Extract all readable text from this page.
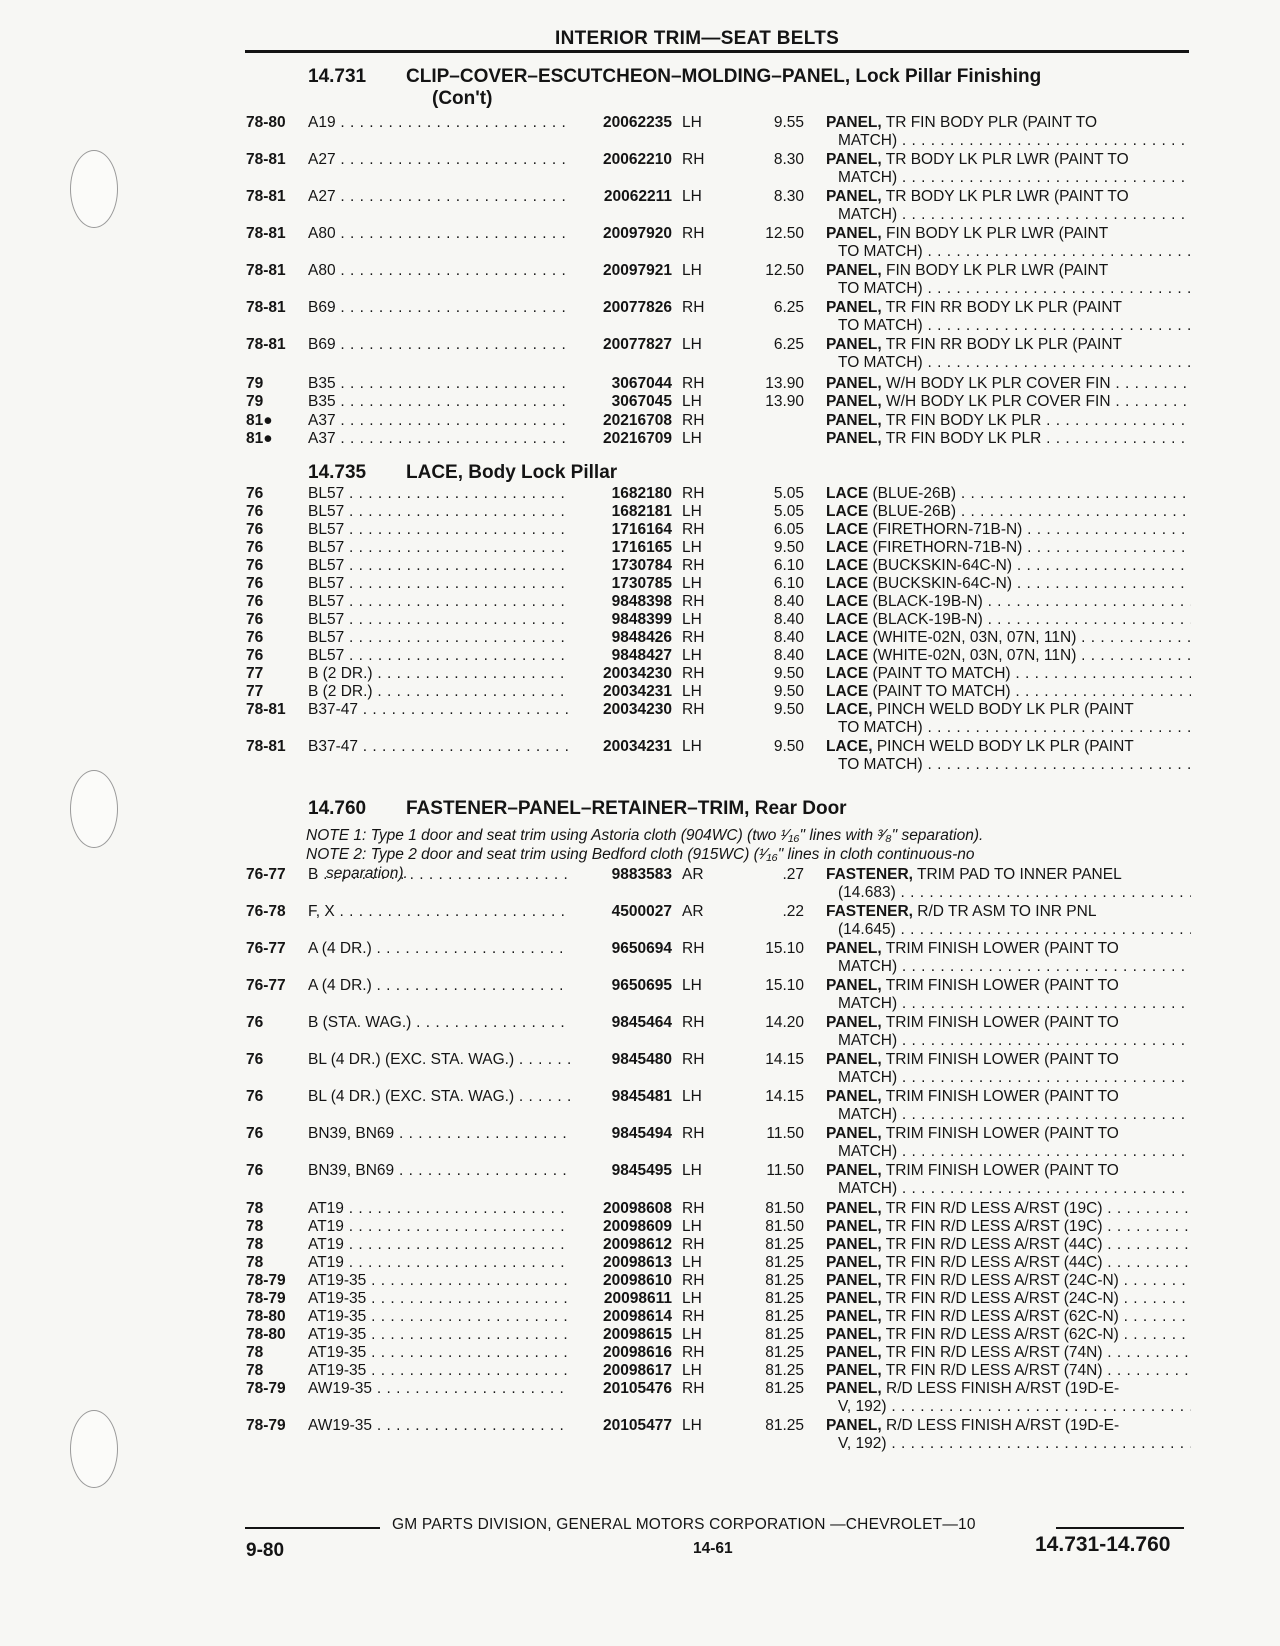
INTERIOR TRIM—SEAT BELTS
14.731 CLIP–COVER–ESCUTCHEON–MOLDING–PANEL, Lock Pillar Finishing
(Con't)
14.735 LACE, Body Lock Pillar
14.760 FASTENER–PANEL–RETAINER–TRIM, Rear Door
NOTE 1: Type 1 door and seat trim using Astoria cloth (904WC) (two ¹⁄₁₆" lines with ³⁄₈" separation).
NOTE 2: Type 2 door and seat trim using Bedford cloth (915WC) (¹⁄₁₆" lines in cloth continuous-no
separation).
78-80 A19 . . .	20062235 LH	9.55 PANEL, TR FIN BODY PLR (PAINT TO
MATCH) . . .
78-81 A27 . . .	20062210 RH	8.30 PANEL, TR BODY LK PLR LWR (PAINT TO
MATCH) . . .
78-81 A27 . . .	20062211 LH	8.30 PANEL, TR BODY LK PLR LWR (PAINT TO
MATCH) . . .
78-81 A80 . . .	20097920 RH	12.50 PANEL, FIN BODY LK PLR LWR (PAINT
TO MATCH) . . .
78-81 A80 . . .	20097921 LH	12.50 PANEL, FIN BODY LK PLR LWR (PAINT
TO MATCH) . . .
78-81 B69 . . .	20077826 RH	6.25 PANEL, TR FIN RR BODY LK PLR (PAINT
TO MATCH) . . .
78-81 B69 . . .	20077827 LH	6.25 PANEL, TR FIN RR BODY LK PLR (PAINT
TO MATCH) . . .
79	B35 . . .	3067044 RH	13.90 PANEL, W/H BODY LK PLR COVER FIN . . .
79	B35 . . .	3067045 LH	13.90 PANEL, W/H BODY LK PLR COVER FIN . . .
81● A37 . . .	20216708 RH	PANEL, TR FIN BODY LK PLR . . .
81● A37 . . .	20216709 LH	PANEL, TR FIN BODY LK PLR . . .
76	BL57 . . .	1682180 RH	5.05 LACE (BLUE-26B) . . .
76	BL57 . . .	1682181 LH	5.05 LACE (BLUE-26B) . . .
76	BL57 . . .	1716164 RH	6.05 LACE (FIRETHORN-71B-N) . . .
76	BL57 . . .	1716165 LH	9.50 LACE (FIRETHORN-71B-N) . . .
76	BL57 . . .	1730784 RH	6.10 LACE (BUCKSKIN-64C-N) . . .
76	BL57 . . .	1730785 LH	6.10 LACE (BUCKSKIN-64C-N) . . .
76	BL57 . . .	9848398 RH	8.40 LACE (BLACK-19B-N) . . .
76	BL57 . . .	9848399 LH	8.40 LACE (BLACK-19B-N) . . .
76	BL57 . . .	9848426 RH	8.40 LACE (WHITE-02N, 03N, 07N, 11N) . . .
76	BL57 . . .	9848427 LH	8.40 LACE (WHITE-02N, 03N, 07N, 11N) . . .
77	B (2 DR.) . . .	20034230 RH	9.50 LACE (PAINT TO MATCH) . . .
77	B (2 DR.) . . .	20034231 LH	9.50 LACE (PAINT TO MATCH) . . .
78-81 B37-47 . . .	20034230 RH	9.50 LACE, PINCH WELD BODY LK PLR (PAINT
TO MATCH) . . .
78-81 B37-47 . . .	20034231 LH	9.50 LACE, PINCH WELD BODY LK PLR (PAINT
TO MATCH) . . .
76-77 B . . .	9883583 AR	.27 FASTENER, TRIM PAD TO INNER PANEL
(14.683) . . .
76-78 F, X . . .	4500027 AR	.22 FASTENER, R/D TR ASM TO INR PNL
(14.645) . . .
76-77 A (4 DR.) . . .	9650694 RH	15.10 PANEL, TRIM FINISH LOWER (PAINT TO
MATCH) . . .
76-77 A (4 DR.) . . .	9650695 LH	15.10 PANEL, TRIM FINISH LOWER (PAINT TO
MATCH) . . .
76	B (STA. WAG.) . . .	9845464 RH	14.20 PANEL, TRIM FINISH LOWER (PAINT TO
MATCH) . . .
76	BL (4 DR.) (EXC. STA. WAG.) . . .	9845480 RH	14.15 PANEL, TRIM FINISH LOWER (PAINT TO
MATCH) . . .
76	BL (4 DR.) (EXC. STA. WAG.) . . .	9845481 LH	14.15 PANEL, TRIM FINISH LOWER (PAINT TO
MATCH) . . .
76	BN39, BN69 . . .	9845494 RH	11.50 PANEL, TRIM FINISH LOWER (PAINT TO
MATCH) . . .
76	BN39, BN69 . . .	9845495 LH	11.50 PANEL, TRIM FINISH LOWER (PAINT TO
MATCH) . . .
78	AT19 . . .	20098608 RH	81.50 PANEL, TR FIN R/D LESS A/RST (19C) . . .
78	AT19 . . .	20098609 LH	81.50 PANEL, TR FIN R/D LESS A/RST (19C) . . .
78	AT19 . . .	20098612 RH	81.25 PANEL, TR FIN R/D LESS A/RST (44C) . . .
78	AT19 . . .	20098613 LH	81.25 PANEL, TR FIN R/D LESS A/RST (44C) . . .
78-79 AT19-35 . . .	20098610 RH	81.25 PANEL, TR FIN R/D LESS A/RST (24C-N) . . .
78-79 AT19-35 . . .	20098611 LH	81.25 PANEL, TR FIN R/D LESS A/RST (24C-N) . . .
78-80 AT19-35 . . .	20098614 RH	81.25 PANEL, TR FIN R/D LESS A/RST (62C-N) . . .
78-80 AT19-35 . . .	20098615 LH	81.25 PANEL, TR FIN R/D LESS A/RST (62C-N) . . .
78	AT19-35 . . .	20098616 RH	81.25 PANEL, TR FIN R/D LESS A/RST (74N) . . .
78	AT19-35 . . .	20098617 LH	81.25 PANEL, TR FIN R/D LESS A/RST (74N) . . .
78-79 AW19-35 . . .	20105476 RH	81.25 PANEL, R/D LESS FINISH A/RST (19D-E-
V, 192) . . .
78-79 AW19-35 . . .	20105477 LH	81.25 PANEL, R/D LESS FINISH A/RST (19D-E-
V, 192) . . .
GM PARTS DIVISION, GENERAL MOTORS CORPORATION —CHEVROLET—10
9-80	14-61	14.731-14.760
